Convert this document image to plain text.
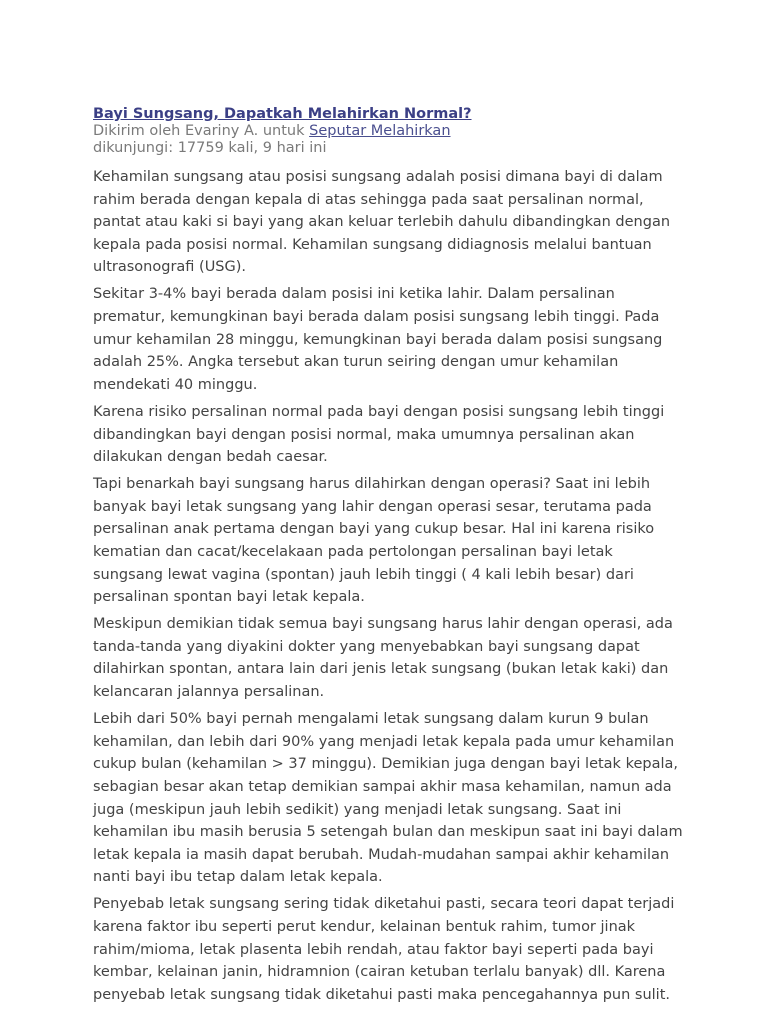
Bayi Sungsang, Dapatkah Melahirkan Normal?
Dikirim oleh Evariny A. untuk Seputar Melahirkan
dikunjungi: 17759 kali, 9 hari ini

Kehamilan sungsang atau posisi sungsang adalah posisi dimana bayi di dalam
rahim berada dengan kepala di atas sehingga pada saat persalinan normal,
pantat atau kaki si bayi yang akan keluar terlebih dahulu dibandingkan dengan
kepala pada posisi normal. Kehamilan sungsang didiagnosis melalui bantuan
ultrasonografi (USG).

Sekitar 3-4% bayi berada dalam posisi ini ketika lahir. Dalam persalinan
prematur, kemungkinan bayi berada dalam posisi sungsang lebih tinggi. Pada
umur kehamilan 28 minggu, kemungkinan bayi berada dalam posisi sungsang
adalah 25%. Angka tersebut akan turun seiring dengan umur kehamilan
mendekati 40 minggu.

Karena risiko persalinan normal pada bayi dengan posisi sungsang lebih tinggi
dibandingkan bayi dengan posisi normal, maka umumnya persalinan akan
dilakukan dengan bedah caesar.

Tapi benarkah bayi sungsang harus dilahirkan dengan operasi? Saat ini lebih
banyak bayi letak sungsang yang lahir dengan operasi sesar, terutama pada
persalinan anak pertama dengan bayi yang cukup besar. Hal ini karena risiko
kematian dan cacat/kecelakaan pada pertolongan persalinan bayi letak
sungsang lewat vagina (spontan) jauh lebih tinggi ( 4 kali lebih besar) dari
persalinan spontan bayi letak kepala.

Meskipun demikian tidak semua bayi sungsang harus lahir dengan operasi, ada
tanda-tanda yang diyakini dokter yang menyebabkan bayi sungsang dapat
dilahirkan spontan, antara lain dari jenis letak sungsang (bukan letak kaki) dan
kelancaran jalannya persalinan.

Lebih dari 50% bayi pernah mengalami letak sungsang dalam kurun 9 bulan
kehamilan, dan lebih dari 90% yang menjadi letak kepala pada umur kehamilan
cukup bulan (kehamilan > 37 minggu). Demikian juga dengan bayi letak kepala,
sebagian besar akan tetap demikian sampai akhir masa kehamilan, namun ada
juga (meskipun jauh lebih sedikit) yang menjadi letak sungsang. Saat ini
kehamilan ibu masih berusia 5 setengah bulan dan meskipun saat ini bayi dalam
letak kepala ia masih dapat berubah. Mudah-mudahan sampai akhir kehamilan
nanti bayi ibu tetap dalam letak kepala.

Penyebab letak sungsang sering tidak diketahui pasti, secara teori dapat terjadi
karena faktor ibu seperti perut kendur, kelainan bentuk rahim, tumor jinak
rahim/mioma, letak plasenta lebih rendah, atau faktor bayi seperti pada bayi
kembar, kelainan janin, hidramnion (cairan ketuban terlalu banyak) dll. Karena
penyebab letak sungsang tidak diketahui pasti maka pencegahannya pun sulit.
